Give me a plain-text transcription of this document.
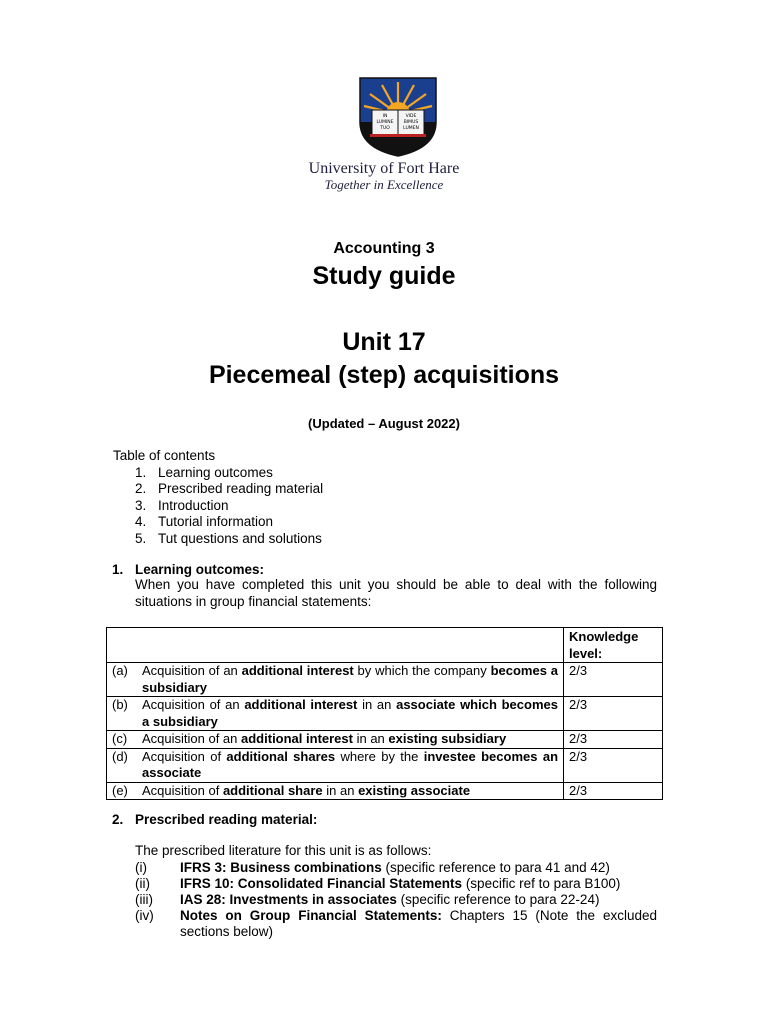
IN
LUMINE
TUO
VIDE
BIMUS
LUMEN
University of Fort Hare
Together in Excellence
Accounting 3
Study guide
Unit 17
Piecemeal (step) acquisitions
(Updated – August 2022)
Table of contents
1. Learning outcomes
2. Prescribed reading material
3. Introduction
4. Tutorial information
5. Tut questions and solutions
1. Learning outcomes:
When you have completed this unit you should be able to deal with the following situations in group financial statements:
	Knowledge level:

(a) Acquisition of an additional interest by which the company becomes a subsidiary	2/3

(b) Acquisition of an additional interest in an associate which becomes a subsidiary	2/3

(c) Acquisition of an additional interest in an existing subsidiary	2/3

(d) Acquisition of additional shares where by the investee becomes an associate	2/3

(e) Acquisition of additional share in an existing associate	2/3
2. Prescribed reading material:
The prescribed literature for this unit is as follows:
(i)	IFRS 3: Business combinations (specific reference to para 41 and 42)
(ii)	IFRS 10: Consolidated Financial Statements (specific ref to para B100)
(iii)	IAS 28: Investments in associates (specific reference to para 22-24)
(iv)	Notes on Group Financial Statements: Chapters 15 (Note the excluded sections below)
